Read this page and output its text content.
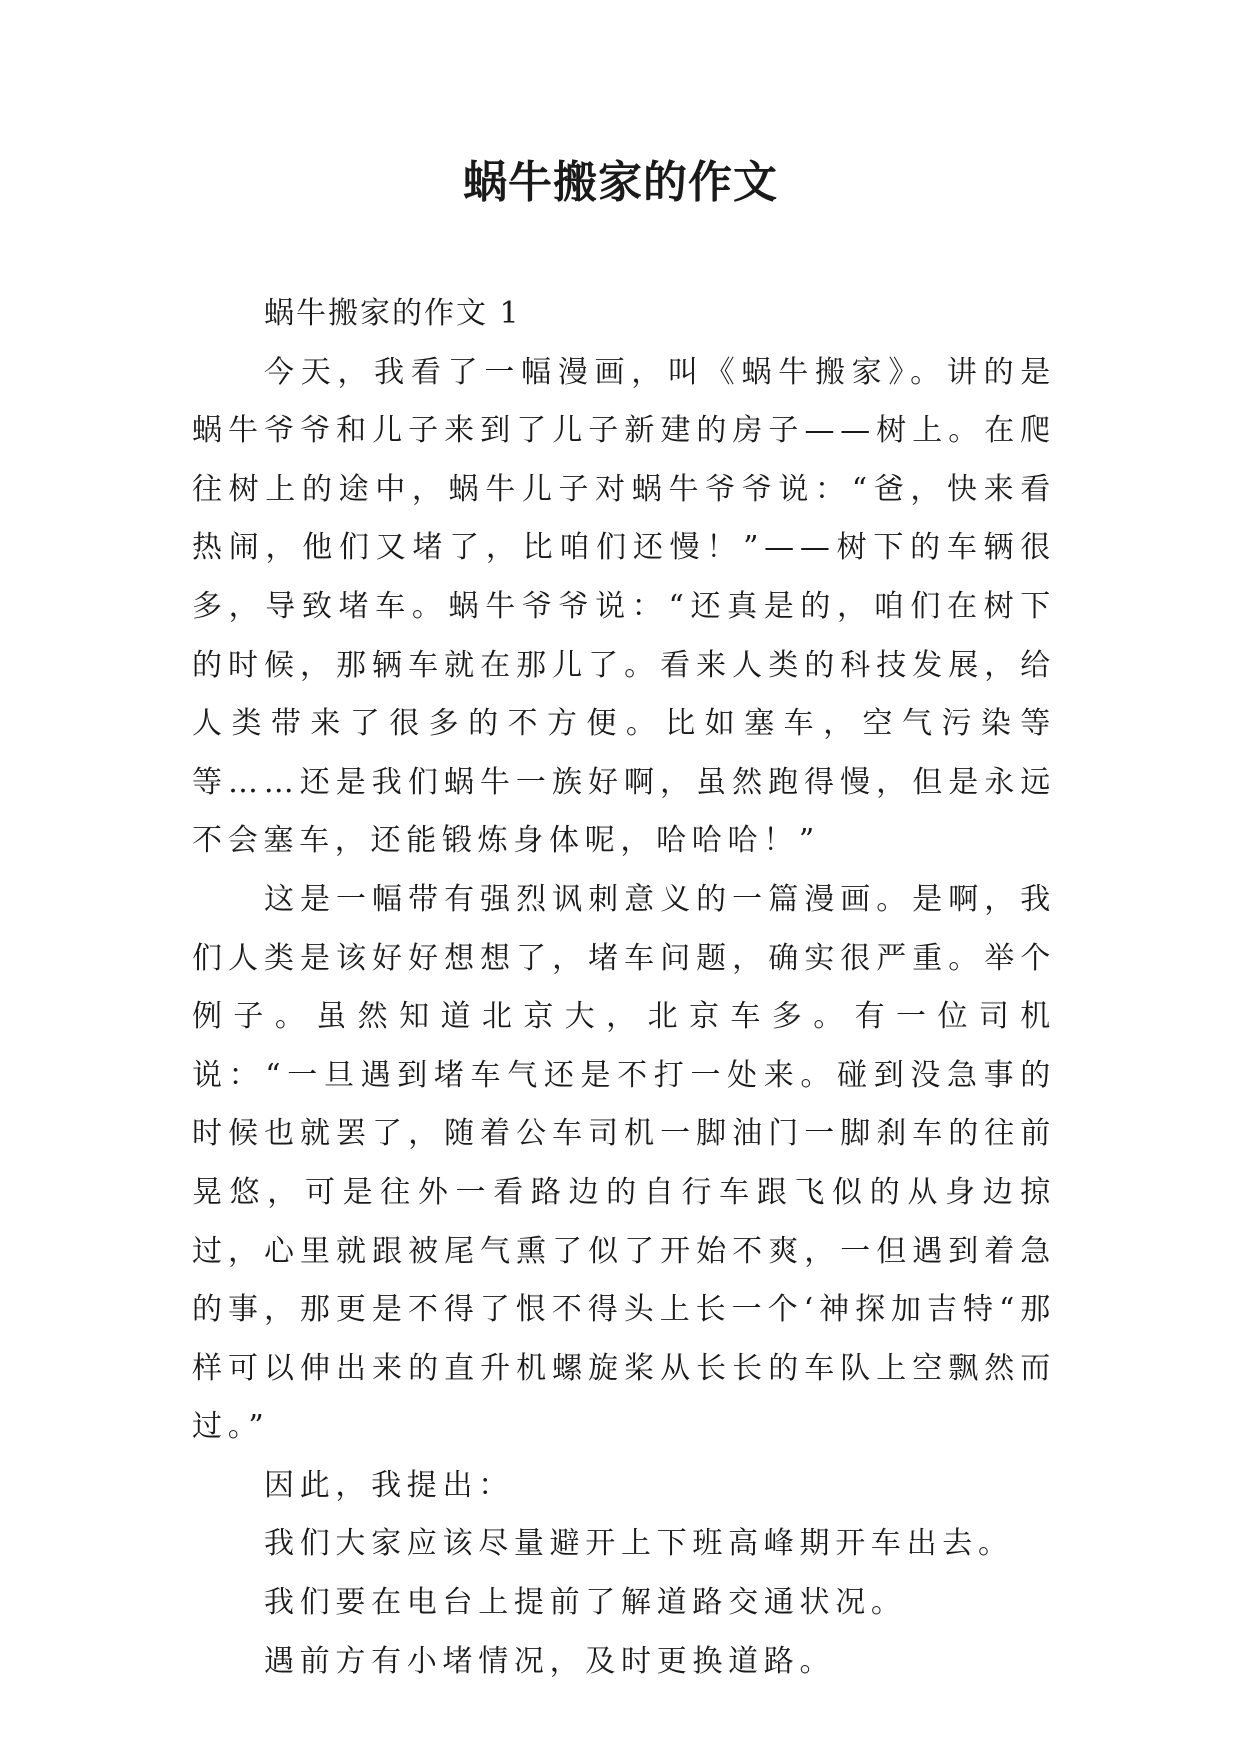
蜗牛搬家的作文

蜗牛搬家的作文 1

今天，我看了一幅漫画，叫《蜗牛搬家》。讲的是蜗牛爷爷和儿子来到了儿子新建的房子——树上。在爬往树上的途中，蜗牛儿子对蜗牛爷爷说：“爸，快来看热闹，他们又堵了，比咱们还慢！”——树下的车辆很多，导致堵车。蜗牛爷爷说：“还真是的，咱们在树下的时候，那辆车就在那儿了。看来人类的科技发展，给人类带来了很多的不方便。比如塞车，空气污染等等……还是我们蜗牛一族好啊，虽然跑得慢，但是永远不会塞车，还能锻炼身体呢，哈哈哈！”

这是一幅带有强烈讽刺意义的一篇漫画。是啊，我们人类是该好好想想了，堵车问题，确实很严重。举个例子。虽然知道北京大，北京车多。有一位司机说：“一旦遇到堵车气还是不打一处来。碰到没急事的时候也就罢了，随着公车司机一脚油门一脚刹车的往前晃悠，可是往外一看路边的自行车跟飞似的从身边掠过，心里就跟被尾气熏了似了开始不爽，一但遇到着急的事，那更是不得了恨不得头上长一个‘神探加吉特“那样可以伸出来的直升机螺旋桨从长长的车队上空飘然而过。”

因此，我提出：

我们大家应该尽量避开上下班高峰期开车出去。

我们要在电台上提前了解道路交通状况。

遇前方有小堵情况，及时更换道路。
